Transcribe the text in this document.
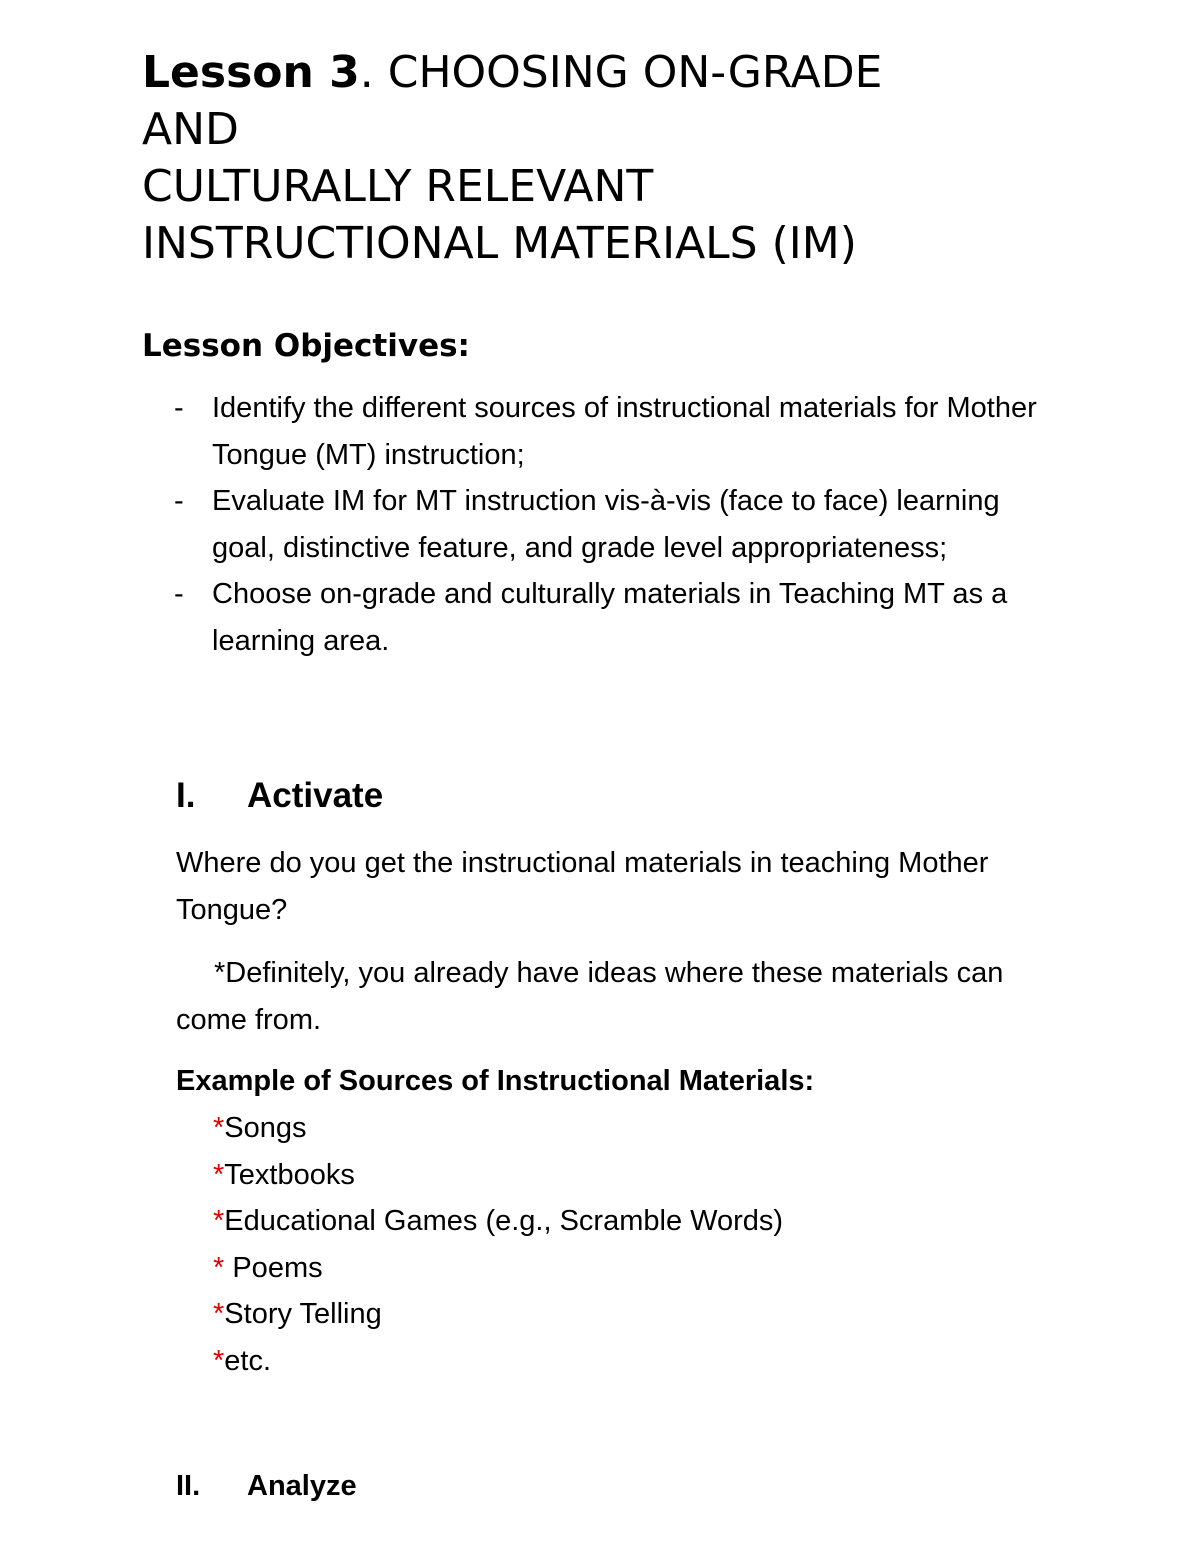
Lesson 3. CHOOSING ON-GRADE
AND
CULTURALLY RELEVANT
INSTRUCTIONAL MATERIALS (IM)
Lesson Objectives:
- Identify the different sources of instructional materials for Mother Tongue (MT) instruction;
- Evaluate IM for MT instruction vis-à-vis (face to face) learning goal, distinctive feature, and grade level appropriateness;
- Choose on-grade and culturally materials in Teaching MT as a learning area.
I. Activate

Where do you get the instructional materials in teaching Mother Tongue?

*Definitely, you already have ideas where these materials can come from.

Example of Sources of Instructional Materials:

*Songs
*Textbooks
*Educational Games (e.g., Scramble Words)
* Poems
*Story Telling
*etc.
II. Analyze
